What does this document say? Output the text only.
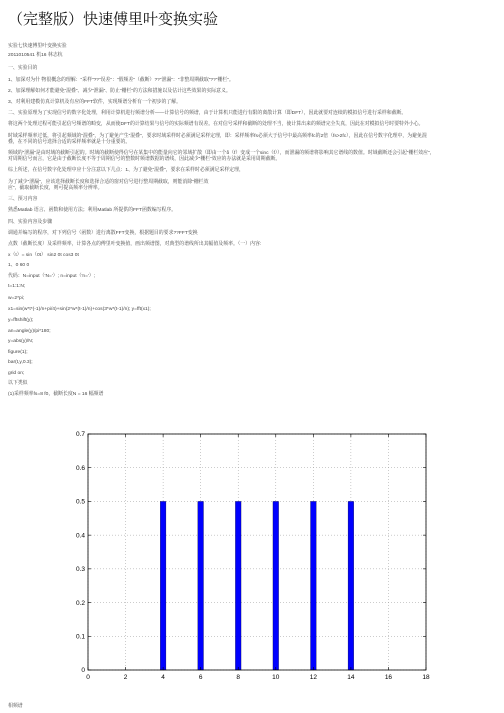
（完整版）快速傅里叶变换实验
实验七快速傅里叶变换实验
2011010541 机16 林志杭
一、实验目的
1、加深对为什 物很概念的理解：“采样”??“误差”：“假频差”（截断）??“泄漏”：“非整周期截取”??“栅栏”。
2、加深理解如何才能避免“混叠”、减少“泄漏”、防止“栅栏”的方法和措施以及估计这些效果的实际意义。
3、对利用建模仿真计算机及有应的FFT软件，实现频谱分析有一个初步的了解。
二、实验原理为了实现信号的数字化处理，利用计算机进行频谱分析——计算信号的频谱，由于计算机只能进行有限的离散计算（即DFT），因此就要对连续的模拟信号进行采样和截断。
将这两个处理过程可能引起信号频谱的畸变，从而使DFT的计算结果与信号的实际频谱有误差。在对信号采样和截断的处理不当，使计算出来的频谱完全失真，因此在对模拟信号时要特外小心。
时域采样频率过低，将引起频域的“混叠”，为了避免产生“混叠”，要求时域采样时必须满足采样定理，即：采样频率fs必须大于信号中最高频率fc的2倍（fs>2fc），因此在信号数字化理中，为避免混
叠，在不同的信号选择合适的采样频率就是十分重要的。
频域的“泄漏”是由时域的截断引起的。时域的截断使得信号在某集中的能量向它的邻域扩散（即由一个δ（f）变成一个sinc（f）），而泄漏的频谱将影响其它谱线的数值。时域截断还会引起“栅栏效应”，
对周期信号而言，它是由于截断长度不等于周期信号的整数时频谱数据的谱线，因此减少“栅栏”效应的办法就是采用周期截断。
综上所述，在信号数字化处理中应十分注意以下几点：1、为了避免“混叠”，要求在采样时必须满足采样定理，
为了减少“泄漏”，应该选择截断长度和选择合适的窗对信号进行整周期截取，则能消除“栅栏效
应”，截取截断长度，则可提高频率分辨率。
三、预习内容
熟悉Matlab 语言、函数和使用方法；利用Matlab 所提供的FFT函数编写程序。
四、实验内容及步骤
调通并编写的程序，对下列信号（函数）进行离散FFT变换，根据题目的要求??FFT变换
点数（截断长度）及采样频率，计算各点的傅里叶变换值，画出频谱图，对典型的谱线所出其幅值及频率。（一）内容:
x（t）= sin（0t） sin2 0t cos3 0t
1、0 60 0
代码：N=input（'N='）; n=input（'n='）;
t=1:1:N;
w=2*pi;
x1=sin(w*t*(-1)/n+pi/4)+sin(2*w*(t-1)/n)+cos(3*w*(t-1)/n); y=fft(x1);
y=fftshift(y);
an=angle(y)/pi*180;
y=abs(y)/N;
figure(1);
bar(t,y,0.3);
grid on;
以下类似
(1)采样频率fs=8 f0，截断长度N = 16 幅频谱
0	2	4	6	8	10	12	14	16	18
0
0.1
0.2
0.3
0.4
0.5
0.6
0.7
相频谱
